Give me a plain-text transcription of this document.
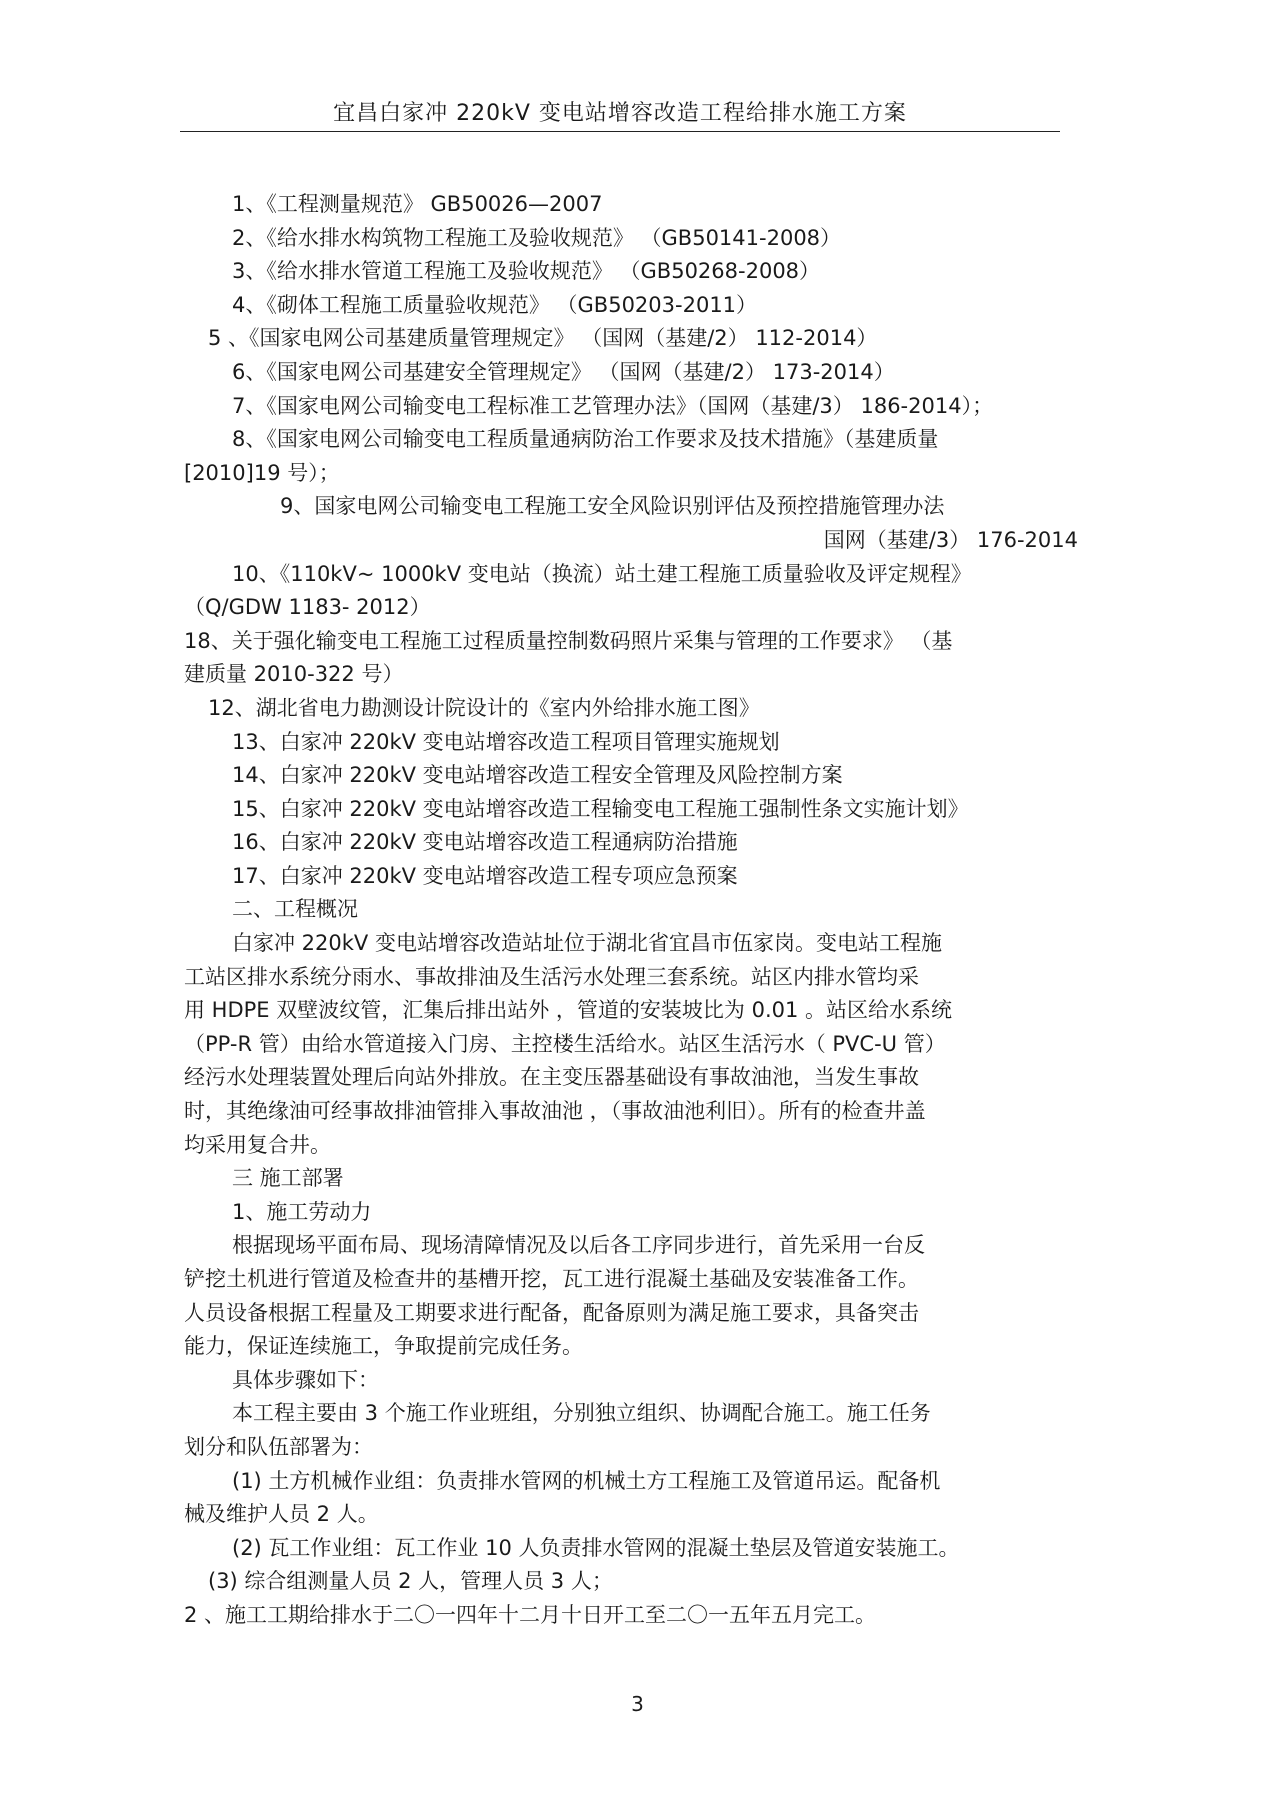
宜昌白家冲 220kV 变电站增容改造工程给排水施工方案
1、《工程测量规范》 GB50026—2007
2、《给水排水构筑物工程施工及验收规范》 （GB50141-2008）
3、《给水排水管道工程施工及验收规范》 （GB50268-2008）
4、《砌体工程施工质量验收规范》 （GB50203-2011）
5 、《国家电网公司基建质量管理规定》 （国网（基建/2） 112-2014）
6、《国家电网公司基建安全管理规定》 （国网（基建/2） 173-2014）
7、《国家电网公司输变电工程标准工艺管理办法》（国网（基建/3） 186-2014）；
8、《国家电网公司输变电工程质量通病防治工作要求及技术措施》（基建质量
[2010]19 号）；
9、国家电网公司输变电工程施工安全风险识别评估及预控措施管理办法
国网（基建/3） 176-2014
10、《110kV~ 1000kV 变电站（换流）站土建工程施工质量验收及评定规程》
（Q/GDW 1183- 2012）
18、关于强化输变电工程施工过程质量控制数码照片采集与管理的工作要求》 （基
建质量 2010-322 号）
12、湖北省电力勘测设计院设计的《室内外给排水施工图》
13、白家冲 220kV 变电站增容改造工程项目管理实施规划
14、白家冲 220kV 变电站增容改造工程安全管理及风险控制方案
15、白家冲 220kV 变电站增容改造工程输变电工程施工强制性条文实施计划》
16、白家冲 220kV 变电站增容改造工程通病防治措施
17、白家冲 220kV 变电站增容改造工程专项应急预案
二、工程概况
白家冲 220kV 变电站增容改造站址位于湖北省宜昌市伍家岗。变电站工程施
工站区排水系统分雨水、事故排油及生活污水处理三套系统。站区内排水管均采
用 HDPE 双壁波纹管，汇集后排出站外 ，管道的安装坡比为 0.01 。站区给水系统
（PP-R 管）由给水管道接入门房、主控楼生活给水。站区生活污水（ PVC-U 管）
经污水处理装置处理后向站外排放。在主变压器基础设有事故油池，当发生事故
时，其绝缘油可经事故排油管排入事故油池 ，（事故油池利旧）。所有的检查井盖
均采用复合井。
三 施工部署
1、施工劳动力
根据现场平面布局、现场清障情况及以后各工序同步进行，首先采用一台反
铲挖土机进行管道及检查井的基槽开挖，瓦工进行混凝土基础及安装准备工作。
人员设备根据工程量及工期要求进行配备，配备原则为满足施工要求，具备突击
能力，保证连续施工，争取提前完成任务。
具体步骤如下：
本工程主要由 3 个施工作业班组，分别独立组织、协调配合施工。施工任务
划分和队伍部署为：
(1) 土方机械作业组：负责排水管网的机械土方工程施工及管道吊运。配备机
械及维护人员 2 人。
(2) 瓦工作业组：瓦工作业 10 人负责排水管网的混凝土垫层及管道安装施工。
(3) 综合组测量人员 2 人，管理人员 3 人；
2 、施工工期给排水于二〇一四年十二月十日开工至二〇一五年五月完工。
3
